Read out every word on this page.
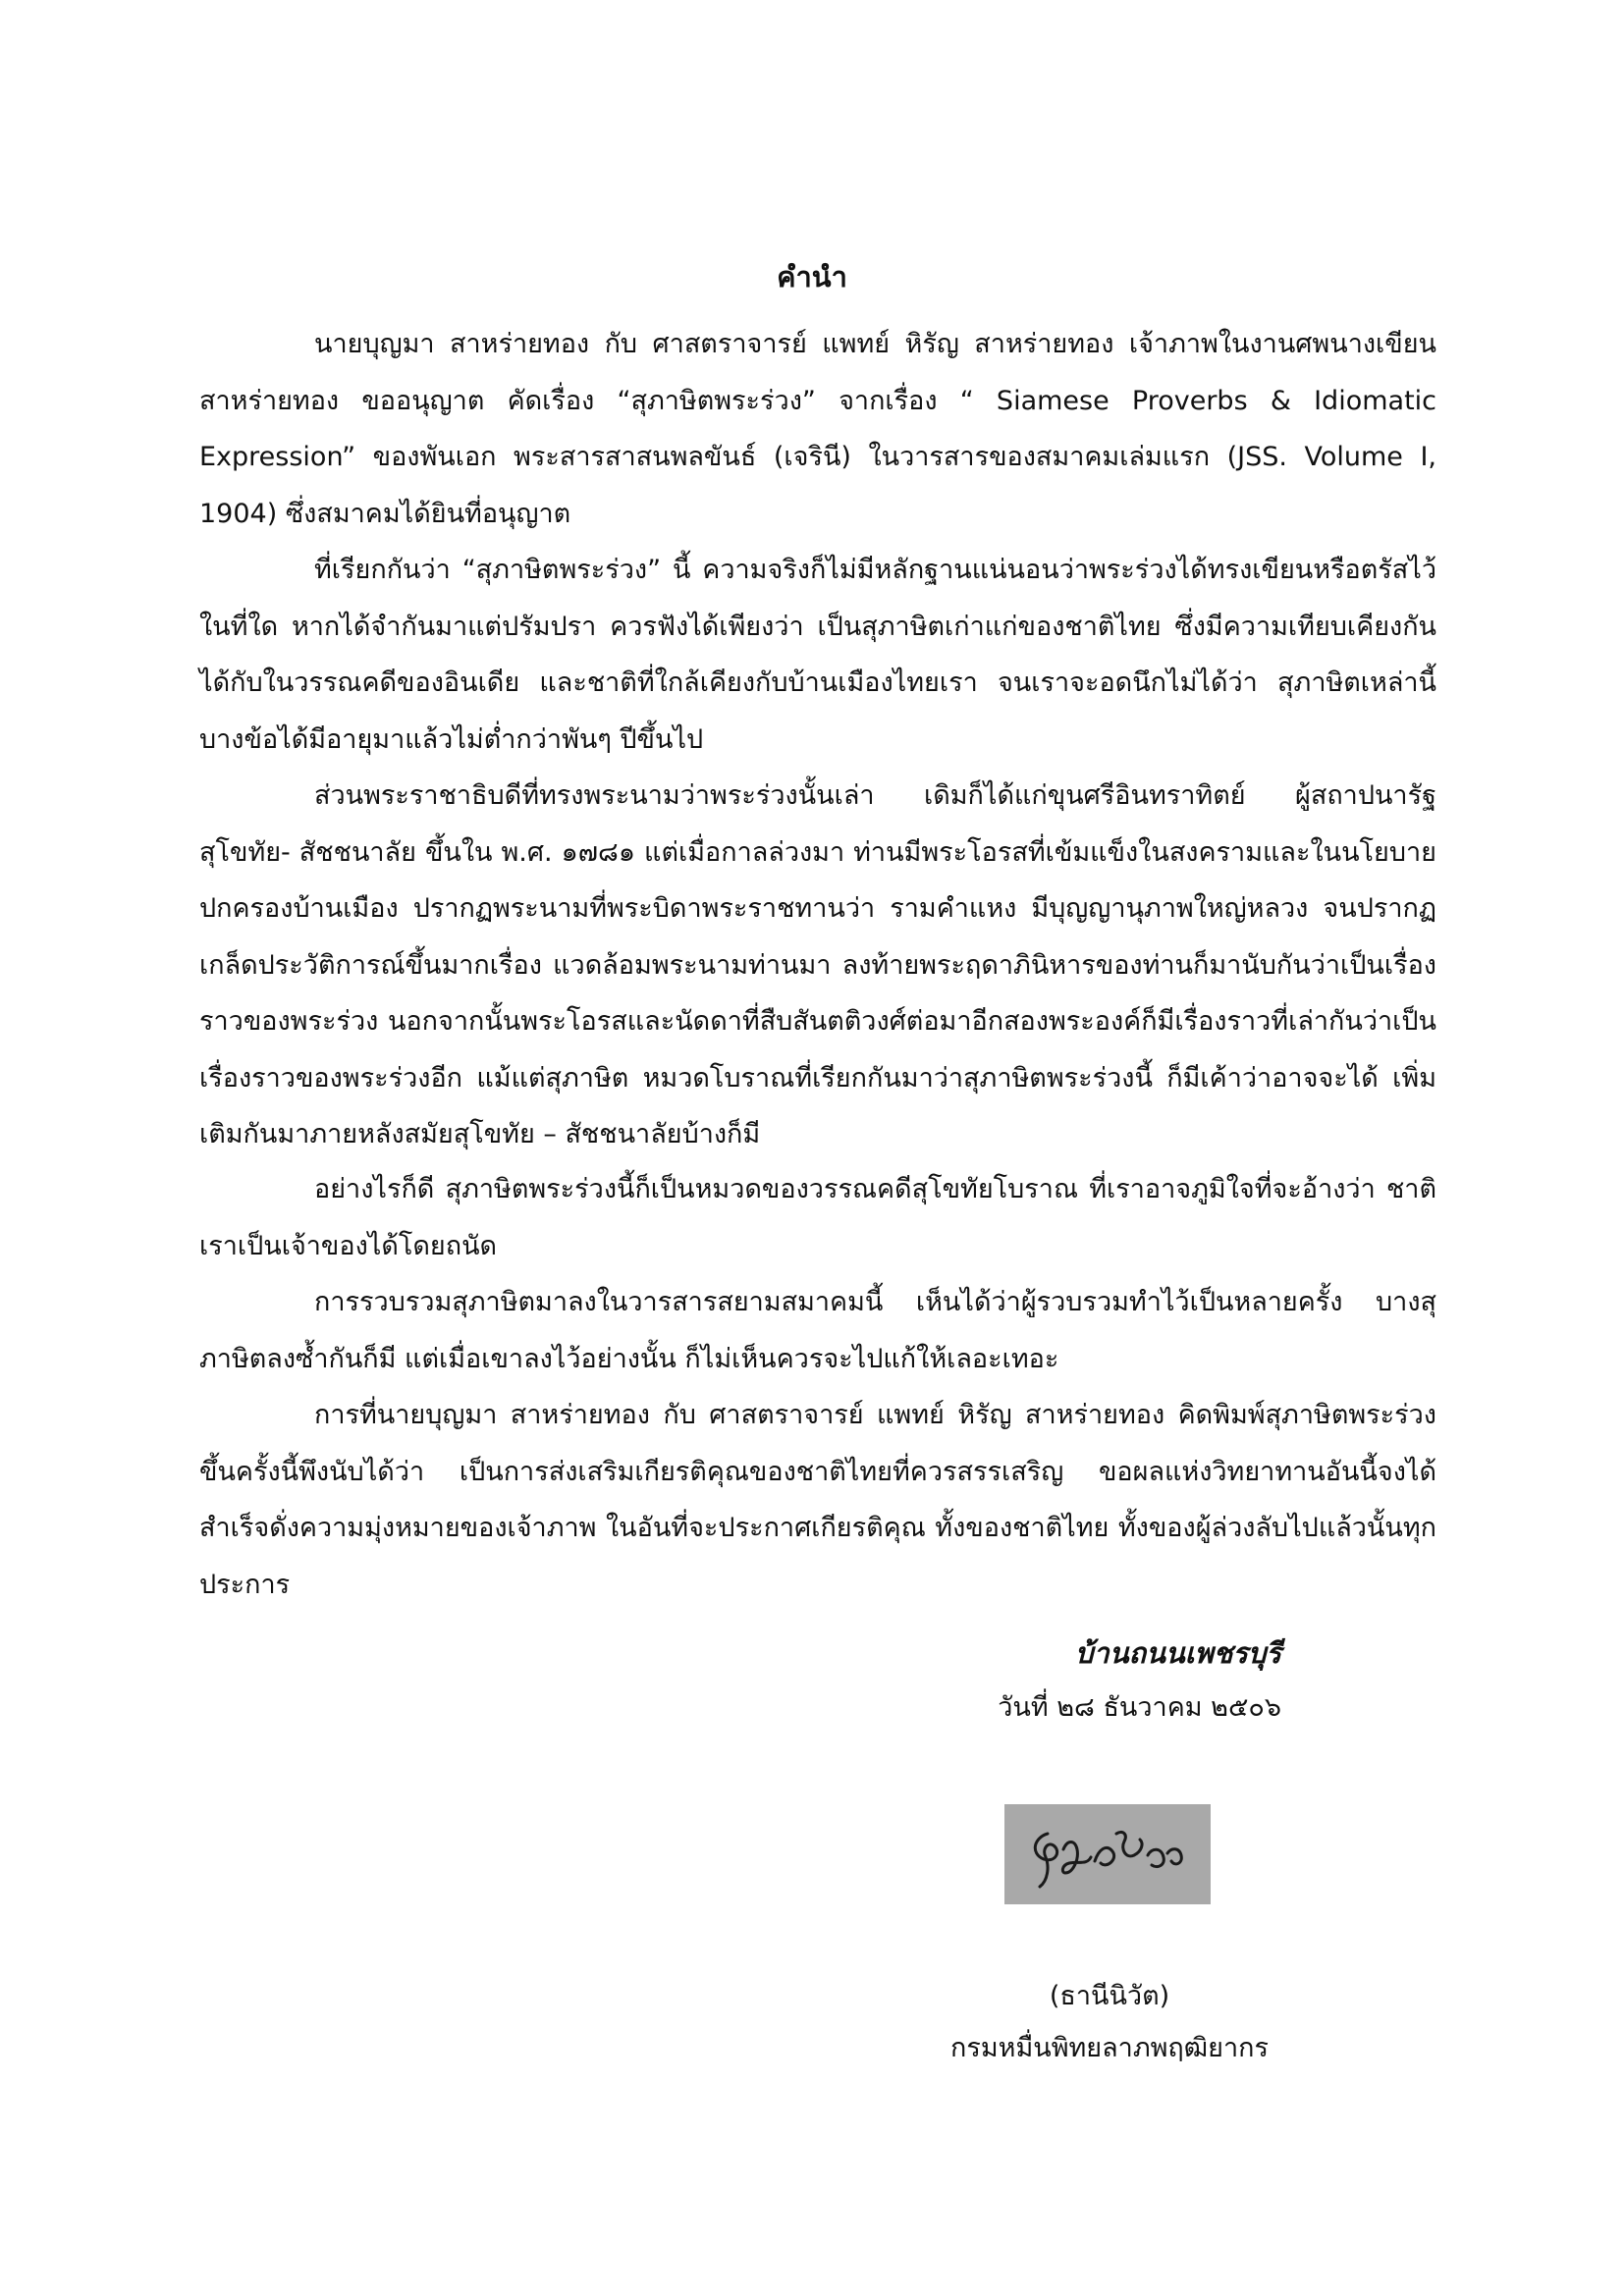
คำนำ

นายบุญมา สาหร่ายทอง กับ ศาสตราจารย์ แพทย์ หิรัญ สาหร่ายทอง เจ้าภาพในงานศพนางเขียน สาหร่ายทอง ขออนุญาต คัดเรื่อง “สุภาษิตพระร่วง” จากเรื่อง “ Siamese Proverbs & Idiomatic Expression” ของพันเอก พระสารสาสนพลขันธ์ (เจรินี) ในวารสารของสมาคมเล่มแรก (JSS. Volume I, 1904) ซึ่งสมาคมได้ยินที่อนุญาต

ที่เรียกกันว่า “สุภาษิตพระร่วง” นี้ ความจริงก็ไม่มีหลักฐานแน่นอนว่าพระร่วงได้ทรงเขียนหรือตรัสไว้ในที่ใด หากได้จำกันมาแต่ปรัมปรา ควรฟังได้เพียงว่า เป็นสุภาษิตเก่าแก่ของชาติไทย ซึ่งมีความเทียบเคียงกันได้กับในวรรณคดีของอินเดีย และชาติที่ใกล้เคียงกับบ้านเมืองไทยเรา จนเราจะอดนึกไม่ได้ว่า สุภาษิตเหล่านี้บางข้อได้มีอายุมาแล้วไม่ต่ำกว่าพันๆ ปีขึ้นไป

ส่วนพระราชาธิบดีที่ทรงพระนามว่าพระร่วงนั้นเล่า เดิมก็ได้แก่ขุนศรีอินทราทิตย์ ผู้สถาปนารัฐสุโขทัย- สัชชนาลัย ขึ้นใน พ.ศ. ๑๗๘๑ แต่เมื่อกาลล่วงมา ท่านมีพระโอรสที่เข้มแข็งในสงครามและในนโยบายปกครองบ้านเมือง ปรากฏพระนามที่พระบิดาพระราชทานว่า รามคำแหง มีบุญญานุภาพใหญ่หลวง จนปรากฏเกล็ดประวัติการณ์ขึ้นมากเรื่อง แวดล้อมพระนามท่านมา ลงท้ายพระฤดาภินิหารของท่านก็มานับกันว่าเป็นเรื่องราวของพระร่วง นอกจากนั้นพระโอรสและนัดดาที่สืบสันตติวงศ์ต่อมาอีกสองพระองค์ก็มีเรื่องราวที่เล่ากันว่าเป็นเรื่องราวของพระร่วงอีก แม้แต่สุภาษิต หมวดโบราณที่เรียกกันมาว่าสุภาษิตพระร่วงนี้ ก็มีเค้าว่าอาจจะได้ เพิ่มเติมกันมาภายหลังสมัยสุโขทัย – สัชชนาลัยบ้างก็มี

อย่างไรก็ดี สุภาษิตพระร่วงนี้ก็เป็นหมวดของวรรณคดีสุโขทัยโบราณ ที่เราอาจภูมิใจที่จะอ้างว่า ชาติเราเป็นเจ้าของได้โดยถนัด

การรวบรวมสุภาษิตมาลงในวารสารสยามสมาคมนี้ เห็นได้ว่าผู้รวบรวมทำไว้เป็นหลายครั้ง บางสุภาษิตลงซ้ำกันก็มี แต่เมื่อเขาลงไว้อย่างนั้น ก็ไม่เห็นควรจะไปแก้ให้เลอะเทอะ

การที่นายบุญมา สาหร่ายทอง กับ ศาสตราจารย์ แพทย์ หิรัญ สาหร่ายทอง คิดพิมพ์สุภาษิตพระร่วงขึ้นครั้งนี้พึงนับได้ว่า เป็นการส่งเสริมเกียรติคุณของชาติไทยที่ควรสรรเสริญ ขอผลแห่งวิทยาทานอันนี้จงได้สำเร็จดั่งความมุ่งหมายของเจ้าภาพ ในอันที่จะประกาศเกียรติคุณ ทั้งของชาติไทย ทั้งของผู้ล่วงลับไปแล้วนั้นทุกประการ

บ้านถนนเพชรบุรี
วันที่ ๒๘ ธันวาคม ๒๕๐๖
(ธานีนิวัต)
กรมหมื่นพิทยลาภพฤฒิยากร
